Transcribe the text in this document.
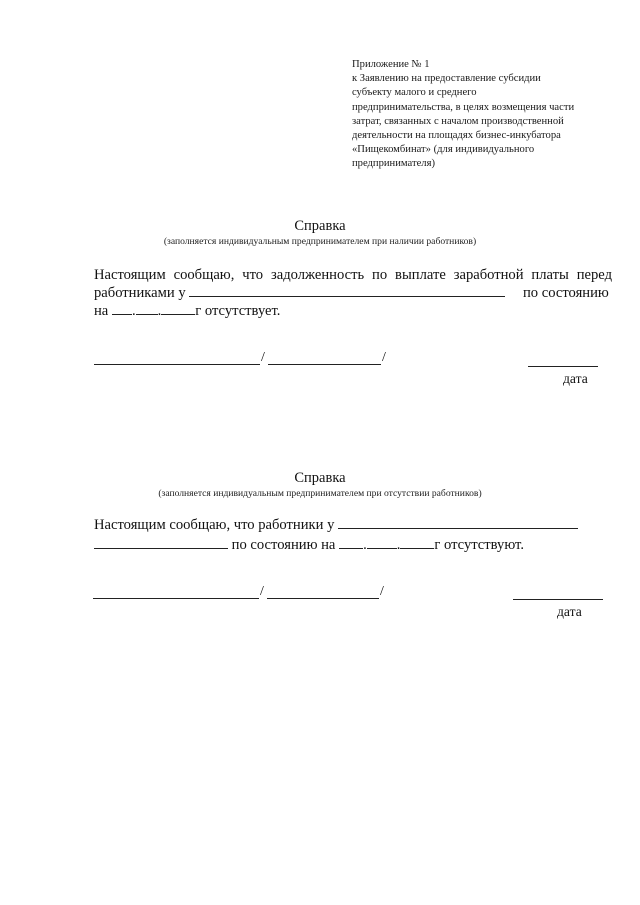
Приложение № 1
к Заявлению на предоставление субсидии
субъекту малого и среднего
предпринимательства, в целях возмещения части
затрат, связанных с началом производственной
деятельности на площадях бизнес-инкубатора
«Пищекомбинат» (для индивидуального
предпринимателя)
Справка
(заполняется индивидуальным предпринимателем при наличии работников)
Настоящим сообщаю, что задолженность по выплате заработной платы перед
работниками у	по состоянию
на . . г отсутствует.
/	/
дата
Справка
(заполняется индивидуальным предпринимателем при отсутствии работников)
Настоящим сообщаю, что работники у
по состоянию на . . г отсутствуют.
/	/
дата
